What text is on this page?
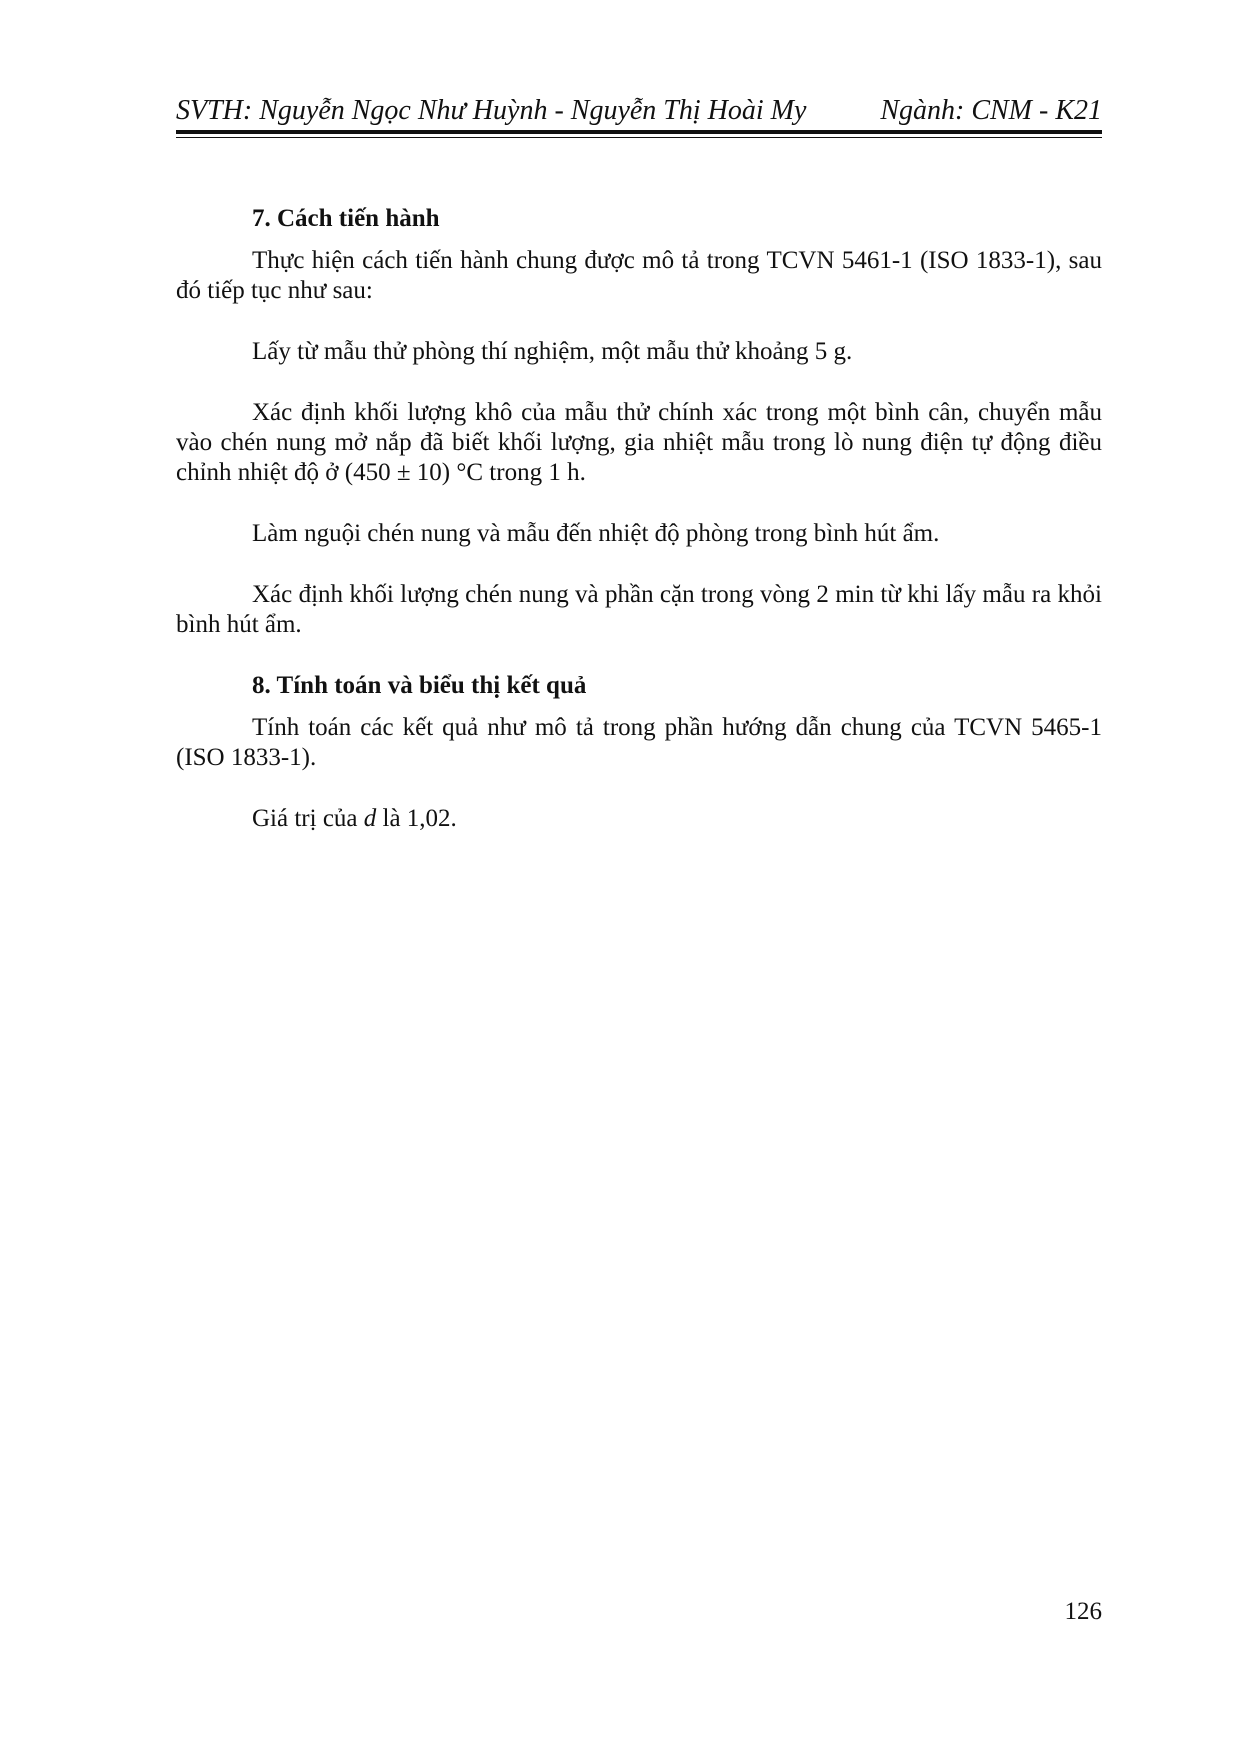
SVTH: Nguyễn Ngọc Như Huỳnh - Nguyễn Thị Hoài My	Ngành: CNM - K21
7. Cách tiến hành

Thực hiện cách tiến hành chung được mô tả trong TCVN 5461-1 (ISO 1833-1), sau đó tiếp tục như sau:

Lấy từ mẫu thử phòng thí nghiệm, một mẫu thử khoảng 5 g.

Xác định khối lượng khô của mẫu thử chính xác trong một bình cân, chuyển mẫu vào chén nung mở nắp đã biết khối lượng, gia nhiệt mẫu trong lò nung điện tự động điều chỉnh nhiệt độ ở (450 ± 10) °C trong 1 h.

Làm nguội chén nung và mẫu đến nhiệt độ phòng trong bình hút ẩm.

Xác định khối lượng chén nung và phần cặn trong vòng 2 min từ khi lấy mẫu ra khỏi bình hút ẩm.

8. Tính toán và biểu thị kết quả

Tính toán các kết quả như mô tả trong phần hướng dẫn chung của TCVN 5465-1 (ISO 1833-1).

Giá trị của d là 1,02.

126
